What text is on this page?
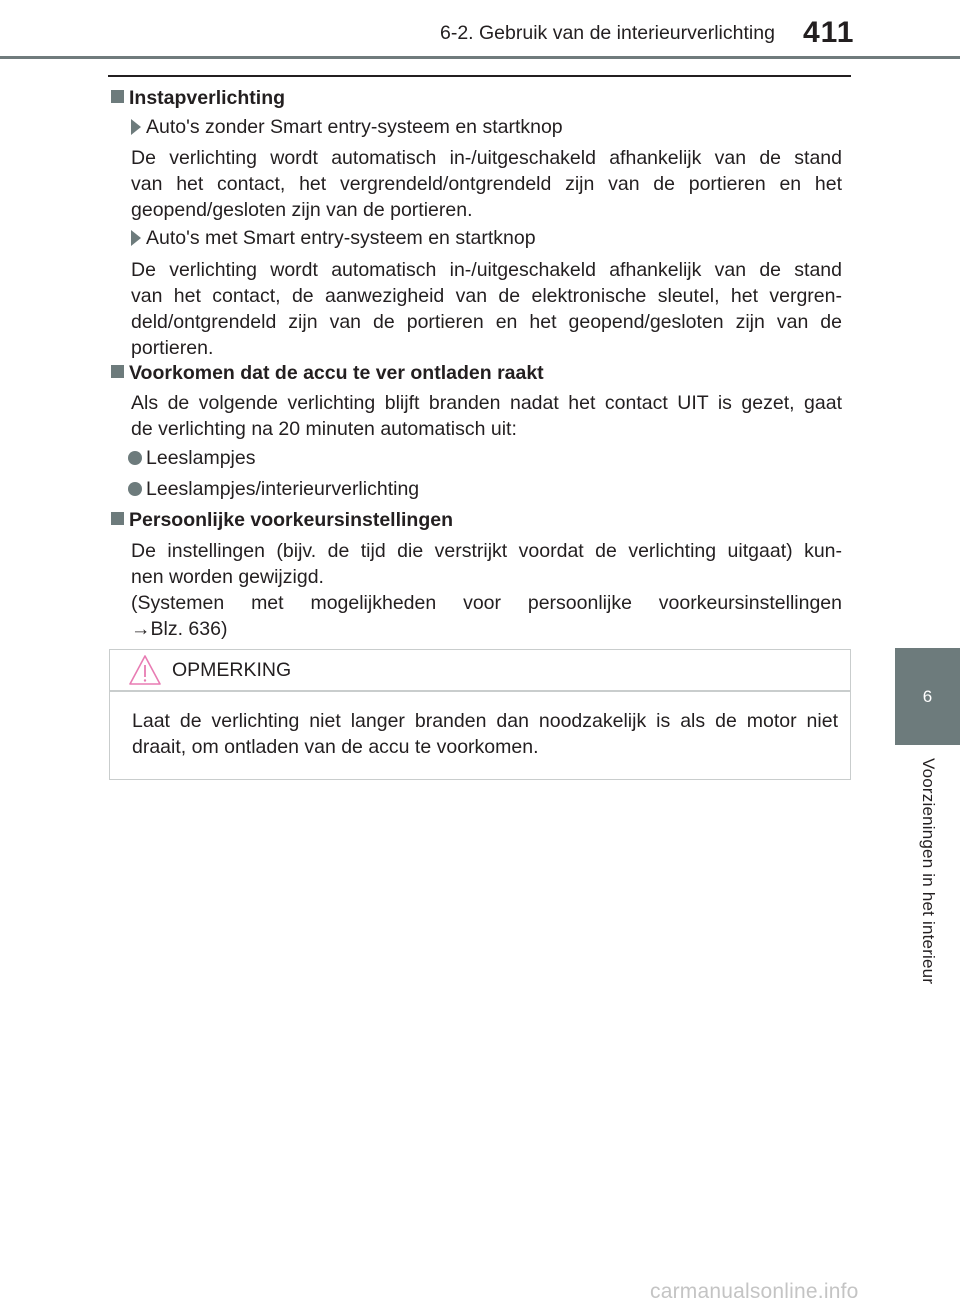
6-2. Gebruik van de interieurverlichting 411
6
Voorzieningen in het interieur
Instapverlichting
Auto's zonder Smart entry-systeem en startknop
De verlichting wordt automatisch in-/uitgeschakeld afhankelijk van de stand
van het contact, het vergrendeld/ontgrendeld zijn van de portieren en het
geopend/gesloten zijn van de portieren.
Auto's met Smart entry-systeem en startknop
De verlichting wordt automatisch in-/uitgeschakeld afhankelijk van de stand
van het contact, de aanwezigheid van de elektronische sleutel, het vergren-
deld/ontgrendeld zijn van de portieren en het geopend/gesloten zijn van de
portieren.
Voorkomen dat de accu te ver ontladen raakt
Als de volgende verlichting blijft branden nadat het contact UIT is gezet, gaat
de verlichting na 20 minuten automatisch uit:
Leeslampjes
Leeslampjes/interieurverlichting
Persoonlijke voorkeursinstellingen
De instellingen (bijv. de tijd die verstrijkt voordat de verlichting uitgaat) kun-
nen worden gewijzigd.
(Systemen met mogelijkheden voor persoonlijke voorkeursinstellingen
→Blz. 636)
OPMERKING
Laat de verlichting niet langer branden dan noodzakelijk is als de motor niet
draait, om ontladen van de accu te voorkomen.
carmanualsonline.info
